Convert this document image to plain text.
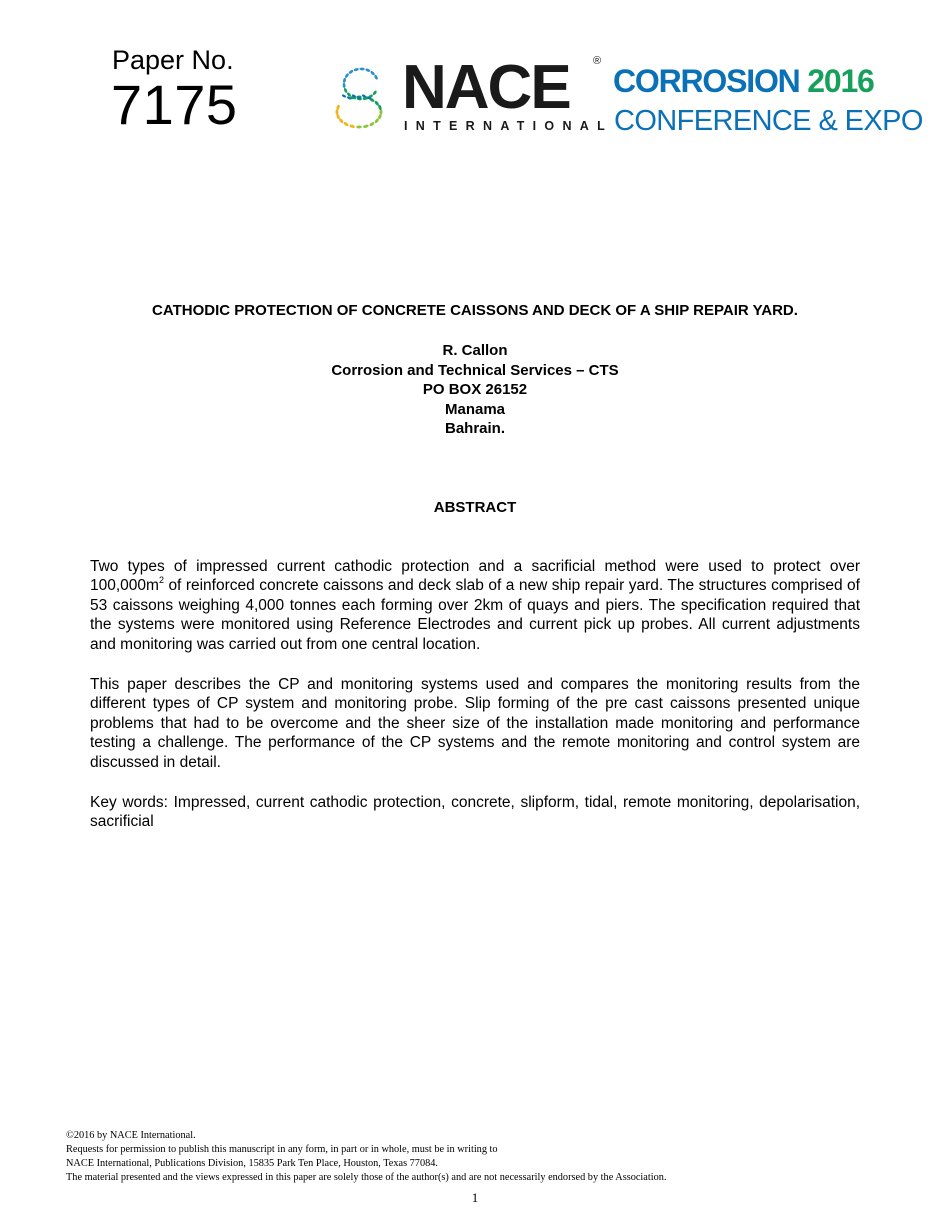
Paper No.
7175	NACE
INTERNATIONAL
®
CORROSION 2016
CONFERENCE & EXPO
CATHODIC PROTECTION OF CONCRETE CAISSONS AND DECK OF A SHIP REPAIR YARD.
R. Callon
Corrosion and Technical Services – CTS
PO BOX 26152
Manama
Bahrain.
ABSTRACT
Two types of impressed current cathodic protection and a sacrificial method were used to protect over $100,000m^2$ of reinforced concrete caissons and deck slab of a new ship repair yard. The structures comprised of 53 caissons weighing 4,000 tonnes each forming over 2km of quays and piers. The specification required that the systems were monitored using Reference Electrodes and current pick up probes. All current adjustments and monitoring was carried out from one central location.
This paper describes the CP and monitoring systems used and compares the monitoring results from the different types of CP system and monitoring probe. Slip forming of the pre cast caissons presented unique problems that had to be overcome and the sheer size of the installation made monitoring and performance testing a challenge. The performance of the CP systems and the remote monitoring and control system are discussed in detail.
Key words: Impressed, current cathodic protection, concrete, slipform, tidal, remote monitoring, depolarisation, sacrificial
©2016 by NACE International.
Requests for permission to publish this manuscript in any form, in part or in whole, must be in writing to
NACE International, Publications Division, 15835 Park Ten Place, Houston, Texas 77084.
The material presented and the views expressed in this paper are solely those of the author(s) and are not necessarily endorsed by the Association.
1
